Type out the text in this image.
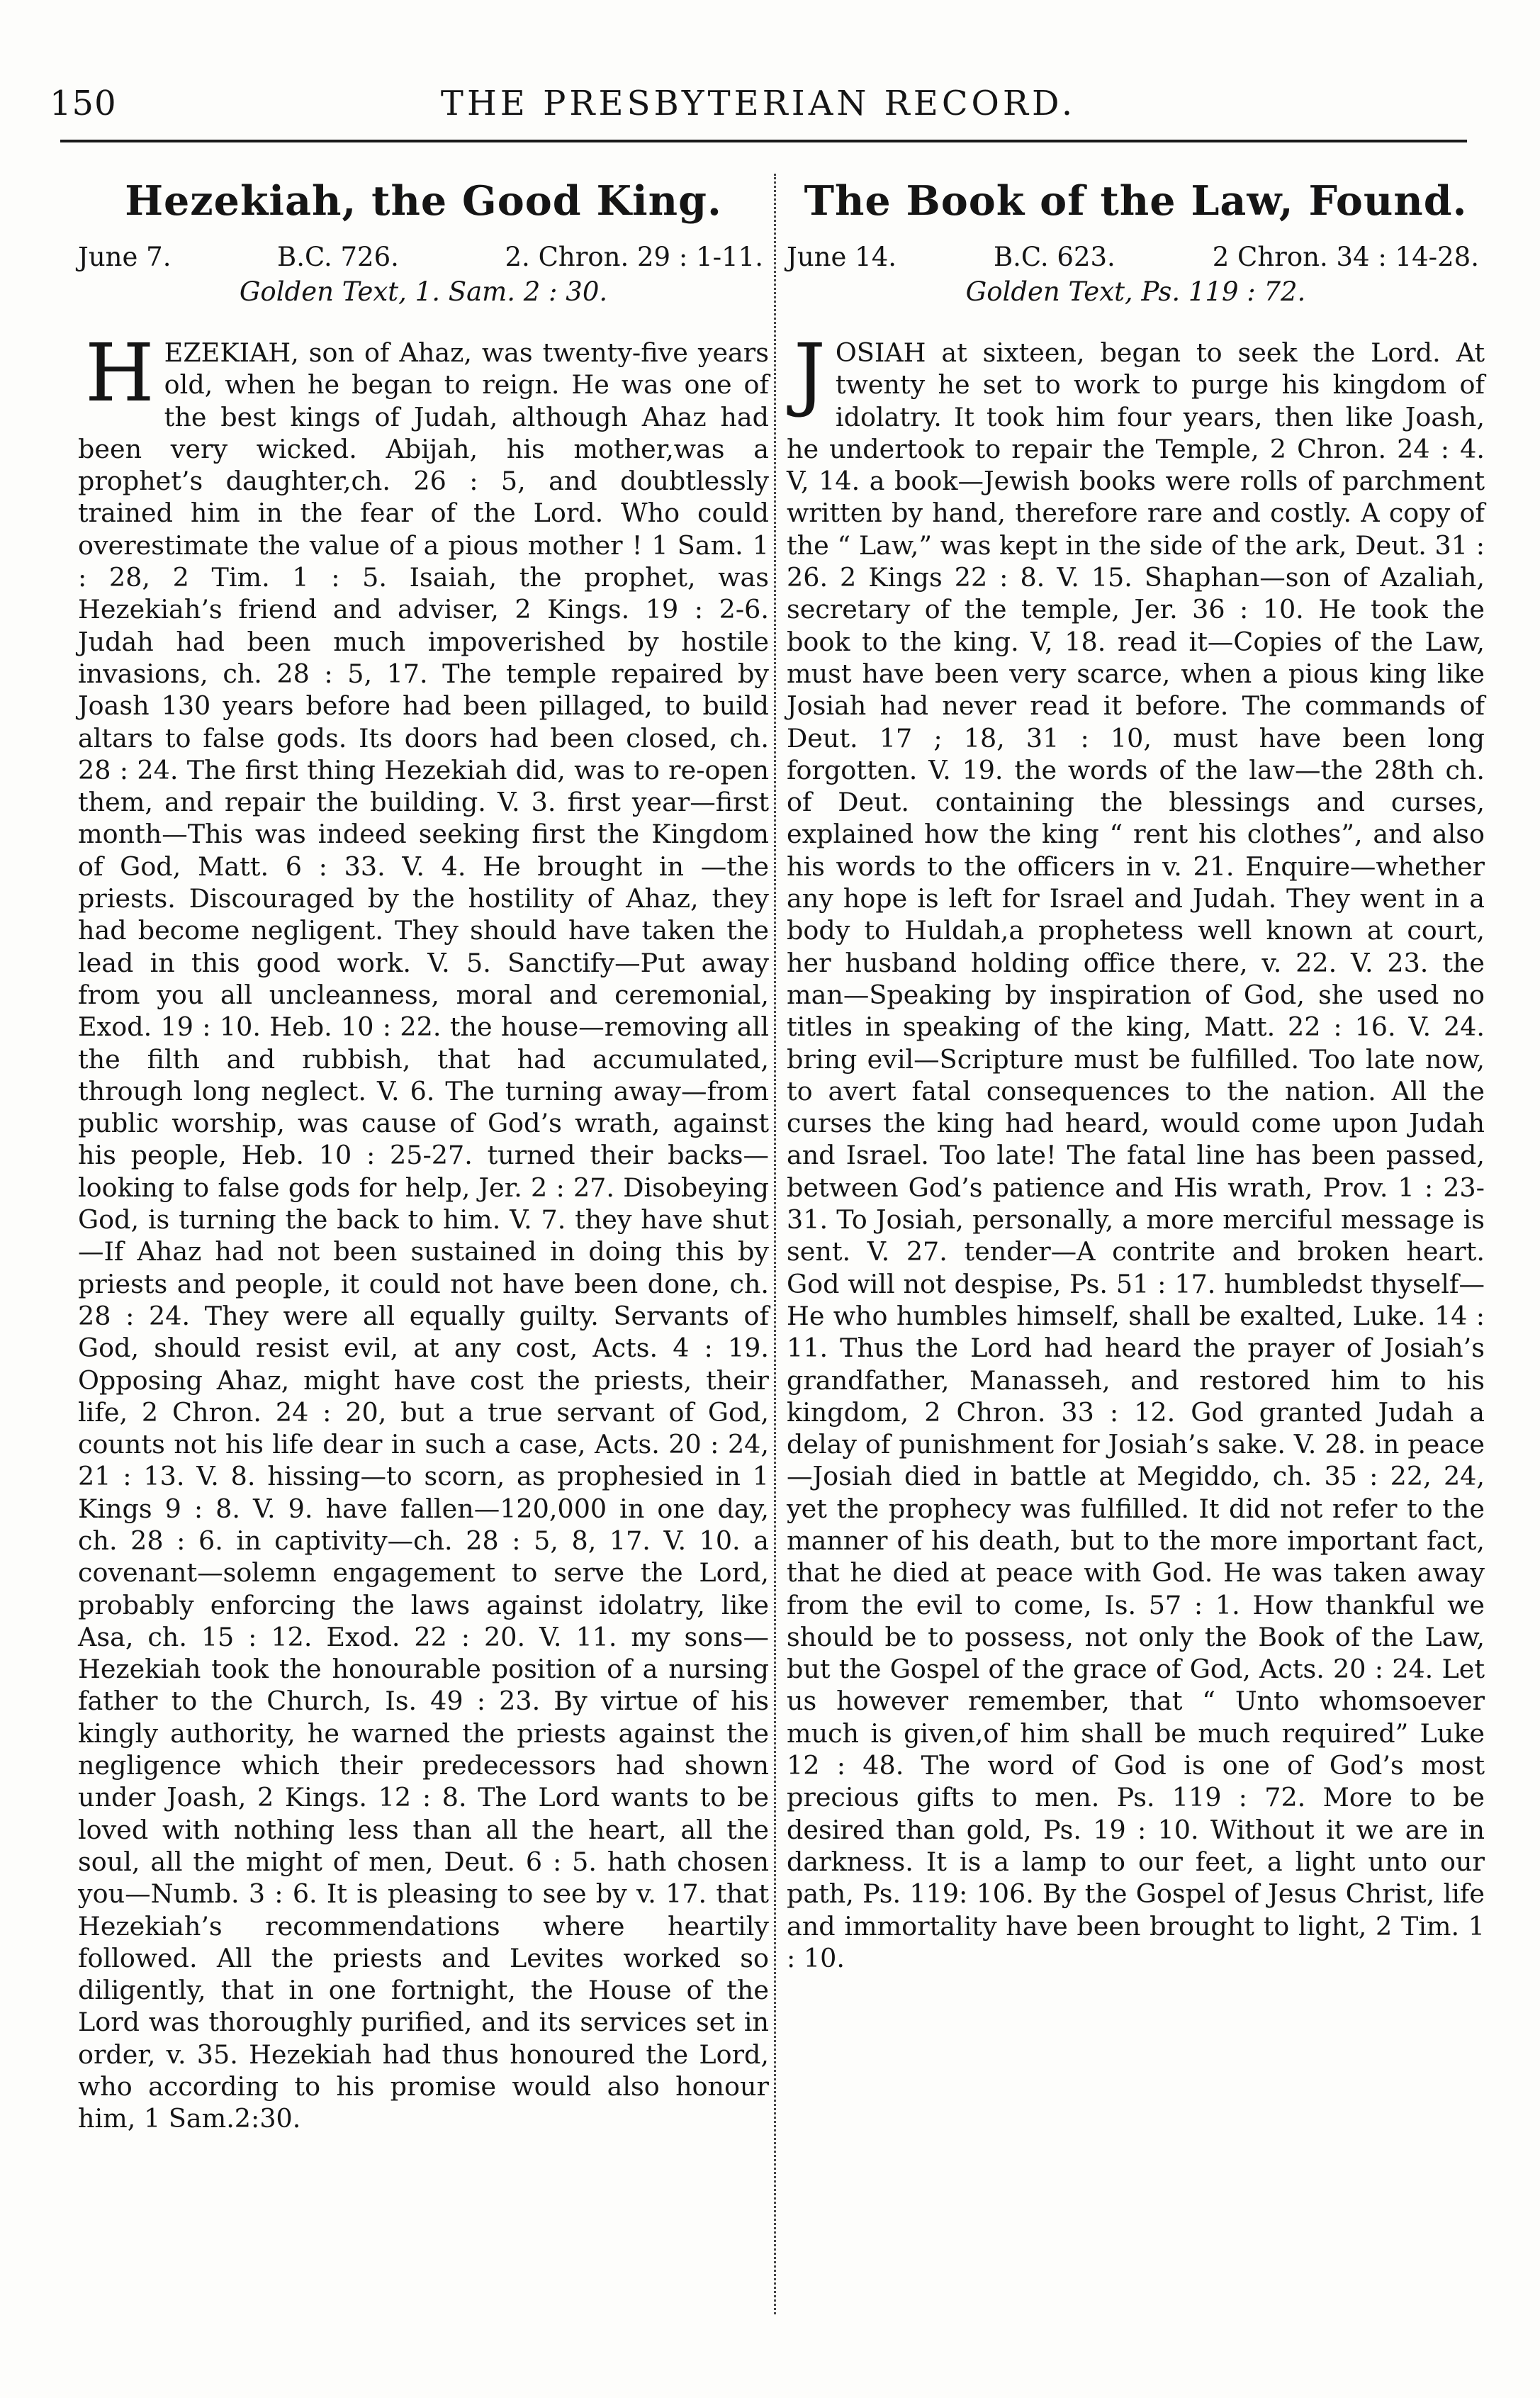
150	THE PRESBYTERIAN RECORD.
Hezekiah, the Good King.
June 7.	B.C. 726.	2. Chron. 29 : 1-11.
Golden Text, 1. Sam. 2 : 30.

HEZEKIAH, son of Ahaz, was twenty-five years old, when he began to reign. He was one of the best kings of Judah, although Ahaz had been very wicked. Abijah, his mother,was a prophet’s daughter,ch. 26 : 5, and doubtlessly trained him in the fear of the Lord. Who could overestimate the value of a pious mother ! 1 Sam. 1 : 28, 2 Tim. 1 : 5. Isaiah, the prophet, was Hezekiah’s friend and adviser, 2 Kings. 19 : 2-6. Judah had been much impoverished by hostile invasions, ch. 28 : 5, 17. The temple repaired by Joash 130 years before had been pillaged, to build altars to false gods. Its doors had been closed, ch. 28 : 24. The first thing Hezekiah did, was to re-open them, and repair the building. V. 3. first year—first month—This was indeed seeking first the Kingdom of God, Matt. 6 : 33. V. 4. He brought in —the priests. Discouraged by the hostility of Ahaz, they had become negligent. They should have taken the lead in this good work. V. 5. Sanctify—Put away from you all uncleanness, moral and ceremonial, Exod. 19 : 10. Heb. 10 : 22. the house—removing all the filth and rubbish, that had accumulated, through long neglect. V. 6. The turning away—from public worship, was cause of God’s wrath, against his people, Heb. 10 : 25-27. turned their backs—looking to false gods for help, Jer. 2 : 27. Disobeying God, is turning the back to him. V. 7. they have shut—If Ahaz had not been sustained in doing this by priests and people, it could not have been done, ch. 28 : 24. They were all equally guilty. Servants of God, should resist evil, at any cost, Acts. 4 : 19. Opposing Ahaz, might have cost the priests, their life, 2 Chron. 24 : 20, but a true servant of God, counts not his life dear in such a case, Acts. 20 : 24, 21 : 13. V. 8. hissing—to scorn, as prophesied in 1 Kings 9 : 8. V. 9. have fallen—120,000 in one day, ch. 28 : 6. in captivity—ch. 28 : 5, 8, 17. V. 10. a covenant—solemn engagement to serve the Lord, probably enforcing the laws against idolatry, like Asa, ch. 15 : 12. Exod. 22 : 20. V. 11. my sons—Hezekiah took the honourable position of a nursing father to the Church, Is. 49 : 23. By virtue of his kingly authority, he warned the priests against the negligence which their predecessors had shown under Joash, 2 Kings. 12 : 8. The Lord wants to be loved with nothing less than all the heart, all the soul, all the might of men, Deut. 6 : 5. hath chosen you—Numb. 3 : 6. It is pleasing to see by v. 17. that Hezekiah’s recommendations where heartily followed. All the priests and Levites worked so diligently, that in one fortnight, the House of the Lord was thoroughly purified, and its services set in order, v. 35. Hezekiah had thus honoured the Lord, who according to his promise would also honour him, 1 Sam.2:30.

The Book of the Law, Found.
June 14.	B.C. 623.	2 Chron. 34 : 14-28.
Golden Text, Ps. 119 : 72.

JOSIAH at sixteen, began to seek the Lord. At twenty he set to work to purge his kingdom of idolatry. It took him four years, then like Joash, he undertook to repair the Temple, 2 Chron. 24 : 4. V, 14. a book—Jewish books were rolls of parchment written by hand, therefore rare and costly. A copy of the “ Law,” was kept in the side of the ark, Deut. 31 : 26. 2 Kings 22 : 8. V. 15. Shaphan—son of Azaliah, secretary of the temple, Jer. 36 : 10. He took the book to the king. V, 18. read it—Copies of the Law, must have been very scarce, when a pious king like Josiah had never read it before. The commands of Deut. 17 ; 18, 31 : 10, must have been long forgotten. V. 19. the words of the law—the 28th ch. of Deut. containing the blessings and curses, explained how the king “ rent his clothes”, and also his words to the officers in v. 21. Enquire—whether any hope is left for Israel and Judah. They went in a body to Huldah,a prophetess well known at court, her husband holding office there, v. 22. V. 23. the man—Speaking by inspiration of God, she used no titles in speaking of the king, Matt. 22 : 16. V. 24. bring evil—Scripture must be fulfilled. Too late now, to avert fatal consequences to the nation. All the curses the king had heard, would come upon Judah and Israel. Too late! The fatal line has been passed, between God’s patience and His wrath, Prov. 1 : 23-31. To Josiah, personally, a more merciful message is sent. V. 27. tender—A contrite and broken heart. God will not despise, Ps. 51 : 17. humbledst thyself—He who humbles himself, shall be exalted, Luke. 14 : 11. Thus the Lord had heard the prayer of Josiah’s grandfather, Manasseh, and restored him to his kingdom, 2 Chron. 33 : 12. God granted Judah a delay of punishment for Josiah’s sake. V. 28. in peace—Josiah died in battle at Megiddo, ch. 35 : 22, 24, yet the prophecy was fulfilled. It did not refer to the manner of his death, but to the more important fact, that he died at peace with God. He was taken away from the evil to come, Is. 57 : 1. How thankful we should be to possess, not only the Book of the Law, but the Gospel of the grace of God, Acts. 20 : 24. Let us however remember, that “ Unto whomsoever much is given,of him shall be much required” Luke 12 : 48. The word of God is one of God’s most precious gifts to men. Ps. 119 : 72. More to be desired than gold, Ps. 19 : 10. Without it we are in darkness. It is a lamp to our feet, a light unto our path, Ps. 119: 106. By the Gospel of Jesus Christ, life and immortality have been brought to light, 2 Tim. 1 : 10.
